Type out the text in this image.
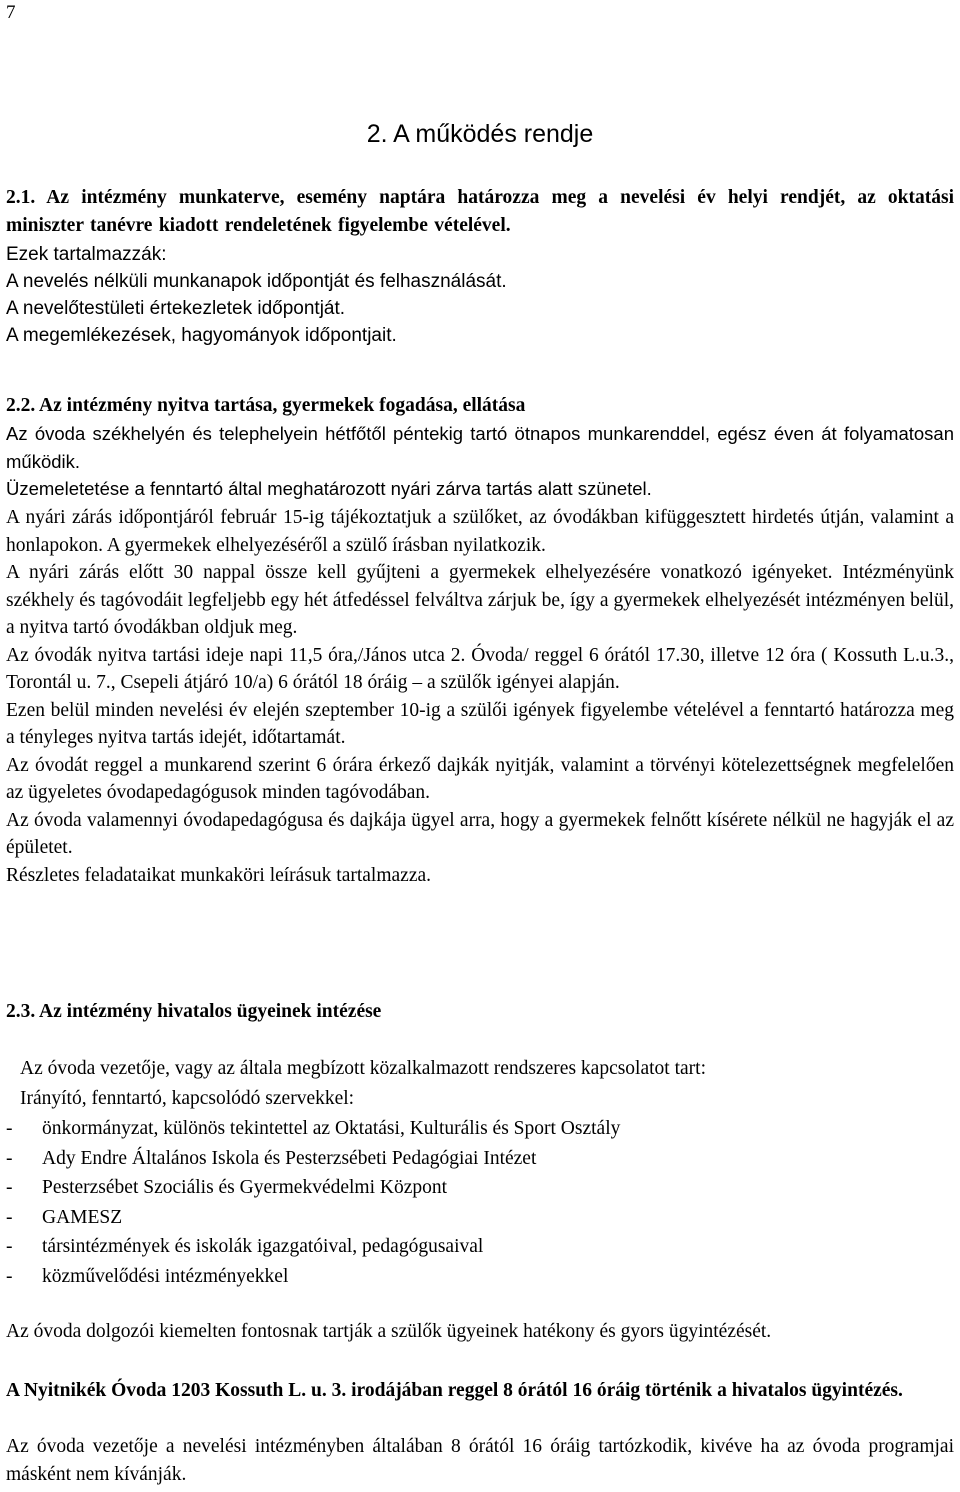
7
2. A működés rendje

2.1. Az intézmény munkaterve, esemény naptára határozza meg a nevelési év helyi rendjét, az oktatási miniszter tanévre kiadott rendeletének figyelembe vételével.

Ezek tartalmazzák:
A nevelés nélküli munkanapok időpontját és felhasználását.
A nevelőtestületi értekezletek időpontját.
A megemlékezések, hagyományok időpontjait.
2.2. Az intézmény nyitva tartása, gyermekek fogadása, ellátása
Az óvoda székhelyén és telephelyein hétfőtől péntekig tartó ötnapos munkarenddel, egész éven át folyamatosan működik.
Üzemeletetése a fenntartó által meghatározott nyári zárva tartás alatt szünetel.
A nyári zárás időpontjáról február 15-ig tájékoztatjuk a szülőket, az óvodákban kifüggesztett hirdetés útján, valamint a honlapokon. A gyermekek elhelyezéséről a szülő írásban nyilatkozik.
A nyári zárás előtt 30 nappal össze kell gyűjteni a gyermekek elhelyezésére vonatkozó igényeket. Intézményünk székhely és tagóvodáit legfeljebb egy hét átfedéssel felváltva zárjuk be, így a gyermekek elhelyezését intézményen belül, a nyitva tartó óvodákban oldjuk meg.
Az óvodák nyitva tartási ideje napi 11,5 óra,/János utca 2. Óvoda/ reggel 6 órától 17.30, illetve 12 óra ( Kossuth L.u.3., Torontál u. 7., Csepeli átjáró 10/a) 6 órától 18 óráig – a szülők igényei alapján.
Ezen belül minden nevelési év elején szeptember 10-ig a szülői igények figyelembe vételével a fenntartó határozza meg a tényleges nyitva tartás idejét, időtartamát.
Az óvodát reggel a munkarend szerint 6 órára érkező dajkák nyitják, valamint a törvényi kötelezettségnek megfelelően az ügyeletes óvodapedagógusok minden tagóvodában.
Az óvoda valamennyi óvodapedagógusa és dajkája ügyel arra, hogy a gyermekek felnőtt kísérete nélkül ne hagyják el az épületet.
Részletes feladataikat munkaköri leírásuk tartalmazza.
2.3. Az intézmény hivatalos ügyeinek intézése
Az óvoda vezetője, vagy az általa megbízott közalkalmazott rendszeres kapcsolatot tart:
Irányító, fenntartó, kapcsolódó szervekkel:
-	önkormányzat, különös tekintettel az Oktatási, Kulturális és Sport Osztály
-	Ady Endre Általános Iskola és Pesterzsébeti Pedagógiai Intézet
-	Pesterzsébet Szociális és Gyermekvédelmi Központ
-	GAMESZ
-	társintézmények és iskolák igazgatóival, pedagógusaival
-	közművelődési intézményekkel

Az óvoda dolgozói kiemelten fontosnak tartják a szülők ügyeinek hatékony és gyors ügyintézését.

A Nyitnikék Óvoda 1203 Kossuth L. u. 3. irodájában reggel 8 órától 16 óráig történik a hivatalos ügyintézés.

Az óvoda vezetője a nevelési intézményben általában 8 órától 16 óráig tartózkodik, kivéve ha az óvoda programjai másként nem kívánják.
